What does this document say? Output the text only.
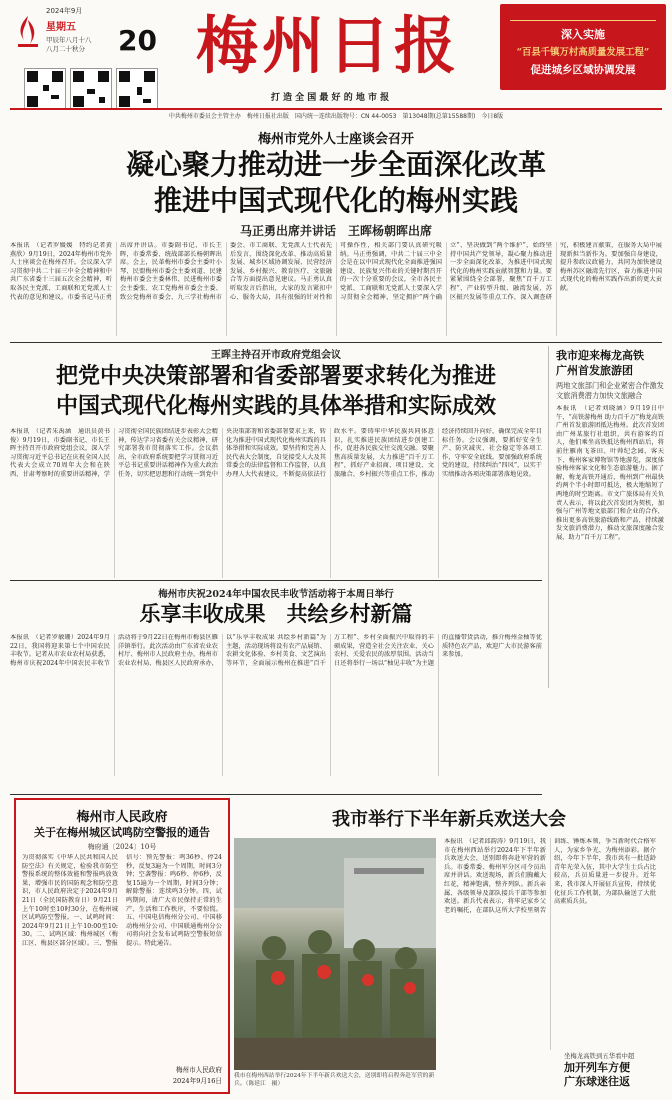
2024年9月
星期五
甲辰年八月十八
八月二十秋分	20 梅州日报
打 造 全 国 最 好 的 地 市 报
深入实施
“百县千镇万村高质量发展工程”
促进城乡区域协调发展
中共梅州市委员会主管主办　梅州日报社出版　国内统一连续出版物号：CN 44-0053　第13048期(总第15588期)　今日8版
梅州市党外人士座谈会召开
凝心聚力推动进一步全面深化改革
推进中国式现代化的梅州实践
马正勇出席并讲话　王晖杨朝晖出席
本报讯　（记者罗媛媛　特约记者黄燕欣）9月19日，2024年梅州市党外人士座谈会在梅州召开。会议深入学习贯彻中共二十届三中全会精神和中共广东省委十三届五次全会精神，听取各民主党派、工商联和无党派人士代表的意见和建议。市委书记马正勇出席并讲话。市委副书记、市长王晖，市委常委、统战部部长杨朝晖出席。会上，民革梅州市委会主委叶小琴、民盟梅州市委会主委刘道、民建梅州市委会主委林伟、民进梅州市委会主委张、农工党梅州市委会主委、致公党梅州市委会、九三学社梅州市委会、市工商联、无党派人士代表先后发言，围绕深化改革、推动高质量发展、城乡区域协调发展、民营经济发展、乡村振兴、教育医疗、文旅融合等方面提出意见建议。马正勇认真听取发言后指出，大家的发言紧扣中心、服务大局，具有很强的针对性和可操作性，相关部门要认真研究吸纳。马正勇强调，中共二十届三中全会是在以中国式现代化全面推进强国建设、民族复兴伟业的关键时期召开的一次十分重要的会议，全市各民主党派、工商联和无党派人士要深入学习贯彻全会精神，坚定拥护“两个确立”、坚决做到“两个维护”，始终坚持中国共产党领导，凝心聚力推动进一步全面深化改革，为推进中国式现代化的梅州实践贡献智慧和力量。要紧紧围绕全会部署，聚焦“百千万工程”、产业转型升级、融湾发展、苏区振兴发展等重点工作，深入调查研究，积极建言献策，在服务大局中展现新担当新作为。要加强自身建设，提升参政议政能力，共同为加快建设梅州苏区融湾先行区，奋力推进中国式现代化的梅州实践作出新的更大贡献。
王晖主持召开市政府党组会议
把党中央决策部署和省委部署要求转化为推进
中国式现代化梅州实践的具体举措和实际成效
本报讯　（记者朱禹涵　通讯员黄书俊）9月19日，市委副书记、市长王晖主持召开市政府党组会议，深入学习贯彻习近平总书记在庆祝全国人民代表大会成立70周年大会和在陕西、甘肃考察时的重要讲话精神，学习贯彻全国民族团结进步表彰大会精神，传达学习省委有关会议精神，研究部署我市贯彻落实工作。会议指出，全市政府系统要把学习贯彻习近平总书记重要讲话精神作为重大政治任务，切实把思想和行动统一到党中央决策部署和省委部署要求上来，转化为推进中国式现代化梅州实践的具体举措和实际成效。要坚持和完善人民代表大会制度，自觉接受人大及其常委会的法律监督和工作监督，认真办理人大代表建议，不断提高依法行政水平。要铸牢中华民族共同体意识，扎实推进民族团结进步创建工作，促进各民族交往交流交融。要聚焦高质量发展，大力推进“百千万工程”，抓好产业招商、项目建设、文旅融合、乡村振兴等重点工作，推动经济持续回升向好，确保完成全年目标任务。会议强调，要抓好安全生产、防灾减灾、社会稳定等各项工作，守牢安全底线。要加强政府系统党的建设，持续纠治“四风”，以实干实绩推动各项决策部署落地见效。
我市迎来梅龙高铁
广州首发旅游团
两地文旅部门和企业紧密合作激发文旅消费潜力加快文旅融合
本报讯　（记者刘晓涵）9月19日中午，“高铁游梅州 助力百千万”梅龙高铁广州首发旅游团抵达梅州。此次首发团由广州某旅行社组织，共有游客约百人，他们乘坐高铁抵达梅州西站后，将前往雁南飞茶田、叶帅纪念园、客天下、梅州客家博物馆等地游览，深度体验梅州客家文化和生态旅游魅力。据了解，梅龙高铁开通后，梅州到广州最快约两个半小时即可抵达，极大地缩短了两地的时空距离。市文广旅体局有关负责人表示，将以此次首发团为契机，加强与广州等地文旅部门和企业的合作，推出更多高铁旅游线路和产品，持续激发文旅消费潜力，推动文旅深度融合发展，助力“百千万工程”。
梅州市庆祝2024年中国农民丰收节活动将于本周日举行
乐享丰收成果　共绘乡村新篇
本报讯　（记者罗敏珊）2024年9月22日，我国将迎来第七个中国农民丰收节。记者从市农业农村局获悉，梅州市庆祝2024年中国农民丰收节活动将于9月22日在梅州市梅县区雁洋镇举行。此次活动由广东省农业农村厅、梅州市人民政府主办，梅州市农业农村局、梅县区人民政府承办，以“乐享丰收成果 共绘乡村新篇”为主题，活动现场将设有农产品展销、农耕文化体验、乡村美食、文艺演出等环节，全面展示梅州在推进“百千万工程”、乡村全面振兴中取得的丰硕成果，营造全社会关注农业、关心农村、关爱农民的浓厚氛围。活动当日还将举行一场以“柚见丰收”为主题的直播带货活动，推介梅州金柚等优质特色农产品，欢迎广大市民游客前来参加。
梅州市人民政府
关于在梅州城区试鸣防空警报的通告
梅府通〔2024〕10号
为贯彻落实《中华人民共和国人民防空法》有关规定，检验我市防空警报系统的整体效能和警报鸣放效果，增强市民的国防观念和防空意识，市人民政府决定于2024年9月21日（全民国防教育日）9月21日上午10时至10时30分，在梅州城区试鸣防空警报。一、试鸣时间：2024年9月21日上午10:00至10:30。二、试鸣区域：梅州城区（梅江区、梅县区部分区域）。三、警报信号：预先警报：鸣36秒、停24秒，反复3遍为一个周期，时间3分钟；空袭警报：鸣6秒、停6秒，反复15遍为一个周期，时间3分钟；解除警报：连续鸣3分钟。四、试鸣期间，请广大市民保持正常的生产、生活和工作秩序，不要惊慌。五、中国电信梅州分公司、中国移动梅州分公司、中国联通梅州分公司将向社会发布试鸣防空警报短信提示。特此通告。
梅州市人民政府
2024年9月16日
我市举行下半年新兵欢送大会
我市在梅州西站举行2024年下半年新兵欢送大会，送别即将启程奔赴军营的新兵。（陈延江　摄）
本报讯　（记者邱韵涛）9月19日，我市在梅州西站举行2024年下半年新兵欢送大会，送别即将奔赴军营的新兵。市委常委、梅州军分区司令员出席并讲话。欢送现场，新兵们胸戴大红花，精神饱满，整齐列队。新兵亲属、各级领导及部队接兵干部等参加欢送。新兵代表表示，将牢记家乡父老的嘱托，在部队这所大学校里刻苦训练、锤炼本领，争当新时代合格军人，为家乡争光、为梅州添彩。据介绍，今年下半年，我市共有一批适龄青年光荣入伍，其中大学生士兵占比较高，兵员质量进一步提升。近年来，我市深入开展征兵宣传，持续优化征兵工作机制，为部队输送了大批高素质兵员。
坐梅龙高铁到五华看中超
加开列车方便
广东球迷往返
